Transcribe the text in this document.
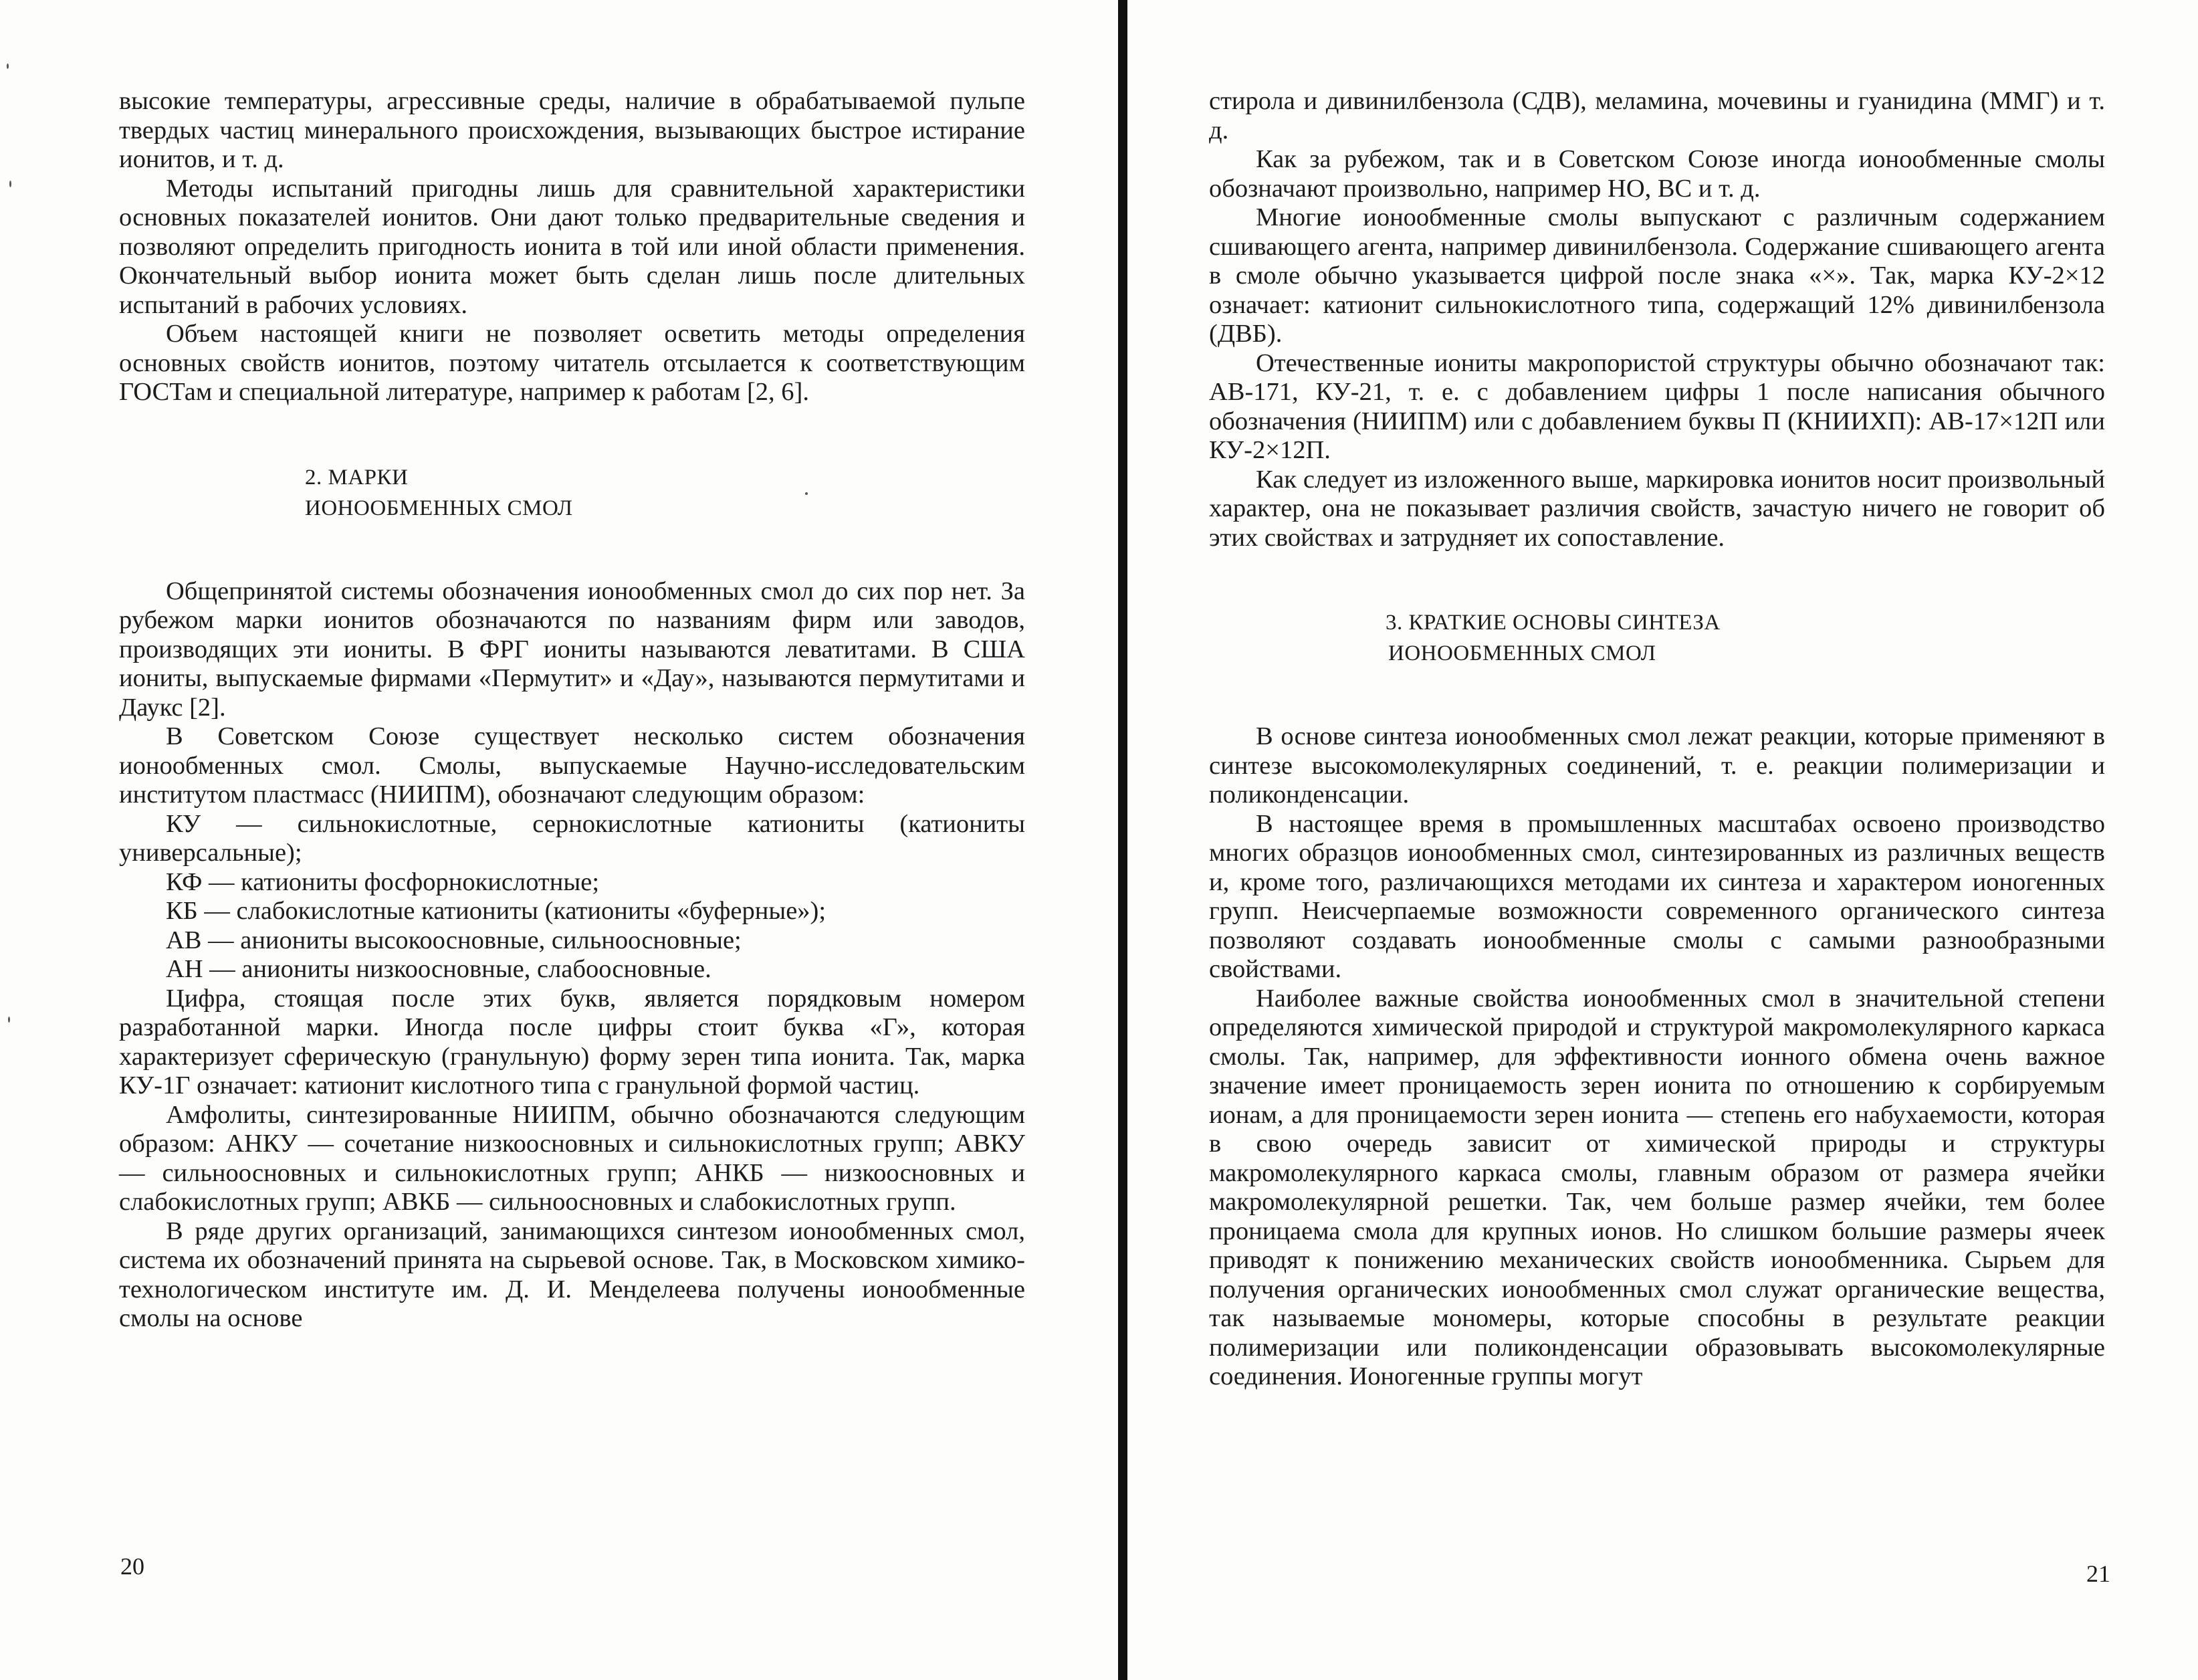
высокие температуры, агрессивные среды, наличие в обрабатываемой пульпе твердых частиц минерального происхождения, вызывающих быстрое истирание ионитов, и т. д.

Методы испытаний пригодны лишь для сравнительной характеристики основных показателей ионитов. Они дают только предварительные сведения и позволяют определить пригодность ионита в той или иной области применения. Окончательный выбор ионита может быть сделан лишь после длительных испытаний в рабочих условиях.

Объем настоящей книги не позволяет осветить методы определения основных свойств ионитов, поэтому читатель отсылается к соответствующим ГОСТам и специальной литературе, например к работам [2, 6].

2. МАРКИ
ИОНООБМЕННЫХ СМОЛ

Общепринятой системы обозначения ионообменных смол до сих пор нет. За рубежом марки ионитов обозначаются по названиям фирм или заводов, производящих эти иониты. В ФРГ иониты называются леватитами. В США иониты, выпускаемые фирмами «Пермутит» и «Дау», называются пермутитами и Даукс [2].

В Советском Союзе существует несколько систем обозначения ионообменных смол. Смолы, выпускаемые Научно-исследовательским институтом пластмасс (НИИПМ), обозначают следующим образом:

КУ — сильнокислотные, сернокислотные катиониты (катиониты универсальные);

КФ — катиониты фосфорнокислотные;

КБ — слабокислотные катиониты (катиониты «буферные»);

АВ — аниониты высокоосновные, сильноосновные;

АН — аниониты низкоосновные, слабоосновные.

Цифра, стоящая после этих букв, является порядковым номером разработанной марки. Иногда после цифры стоит буква «Г», которая характеризует сферическую (гранульную) форму зерен типа ионита. Так, марка КУ-1Г означает: катионит кислотного типа с гранульной формой частиц.

Амфолиты, синтезированные НИИПМ, обычно обозначаются следующим образом: АНКУ — сочетание низкоосновных и сильнокислотных групп; АВКУ — сильноосновных и сильнокислотных групп; АНКБ — низкоосновных и слабокислотных групп; АВКБ — сильноосновных и слабокислотных групп.

В ряде других организаций, занимающихся синтезом ионообменных смол, система их обозначений принята на сырьевой основе. Так, в Московском химико-технологическом институте им. Д. И. Менделеева получены ионообменные смолы на основе

20

стирола и дивинилбензола (СДВ), меламина, мочевины и гуанидина (ММГ) и т. д.

Как за рубежом, так и в Советском Союзе иногда ионообменные смолы обозначают произвольно, например НО, ВС и т. д.

Многие ионообменные смолы выпускают с различным содержанием сшивающего агента, например дивинилбензола. Содержание сшивающего агента в смоле обычно указывается цифрой после знака «×». Так, марка КУ-2×12 означает: катионит сильнокислотного типа, содержащий 12% дивинилбензола (ДВБ).

Отечественные иониты макропористой структуры обычно обозначают так: АВ-171, КУ-21, т. е. с добавлением цифры 1 после написания обычного обозначения (НИИПМ) или с добавлением буквы П (КНИИХП): АВ-17×12П или КУ-2×12П.

Как следует из изложенного выше, маркировка ионитов носит произвольный характер, она не показывает различия свойств, зачастую ничего не говорит об этих свойствах и затрудняет их сопоставление.

3. КРАТКИЕ ОСНОВЫ СИНТЕЗА
ИОНООБМЕННЫХ СМОЛ

В основе синтеза ионообменных смол лежат реакции, которые применяют в синтезе высокомолекулярных соединений, т. е. реакции полимеризации и поликонденсации.

В настоящее время в промышленных масштабах освоено производство многих образцов ионообменных смол, синтезированных из различных веществ и, кроме того, различающихся методами их синтеза и характером ионогенных групп. Неисчерпаемые возможности современного органического синтеза позволяют создавать ионообменные смолы с самыми разнообразными свойствами.

Наиболее важные свойства ионообменных смол в значительной степени определяются химической природой и структурой макромолекулярного каркаса смолы. Так, например, для эффективности ионного обмена очень важное значение имеет проницаемость зерен ионита по отношению к сорбируемым ионам, а для проницаемости зерен ионита — степень его набухаемости, которая в свою очередь зависит от химической природы и структуры макромолекулярного каркаса смолы, главным образом от размера ячейки макромолекулярной решетки. Так, чем больше размер ячейки, тем более проницаема смола для крупных ионов. Но слишком большие размеры ячеек приводят к понижению механических свойств ионообменника. Сырьем для получения органических ионообменных смол служат органические вещества, так называемые мономеры, которые способны в результате реакции полимеризации или поликонденсации образовывать высокомолекулярные соединения. Ионогенные группы могут

21
